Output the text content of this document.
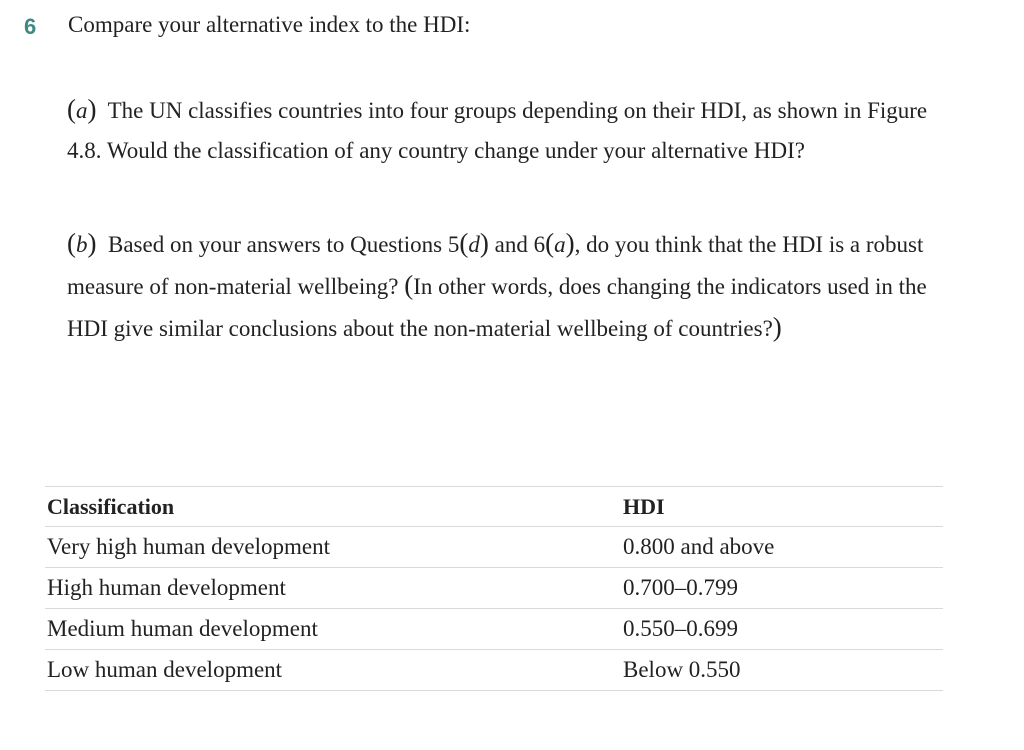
6 Compare your alternative index to the HDI:
(a) The UN classifies countries into four groups depending on their HDI, as shown in Figure 4.8. Would the classification of any country change under your alternative HDI?
(b) Based on your answers to Questions 5(d) and 6(a), do you think that the HDI is a robust measure of non-material wellbeing? (In other words, does changing the indicators used in the HDI give similar conclusions about the non-material wellbeing of countries?)
Classification	HDI
Very high human development	0.800 and above
High human development	0.700–0.799
Medium human development	0.550–0.699
Low human development	Below 0.550
